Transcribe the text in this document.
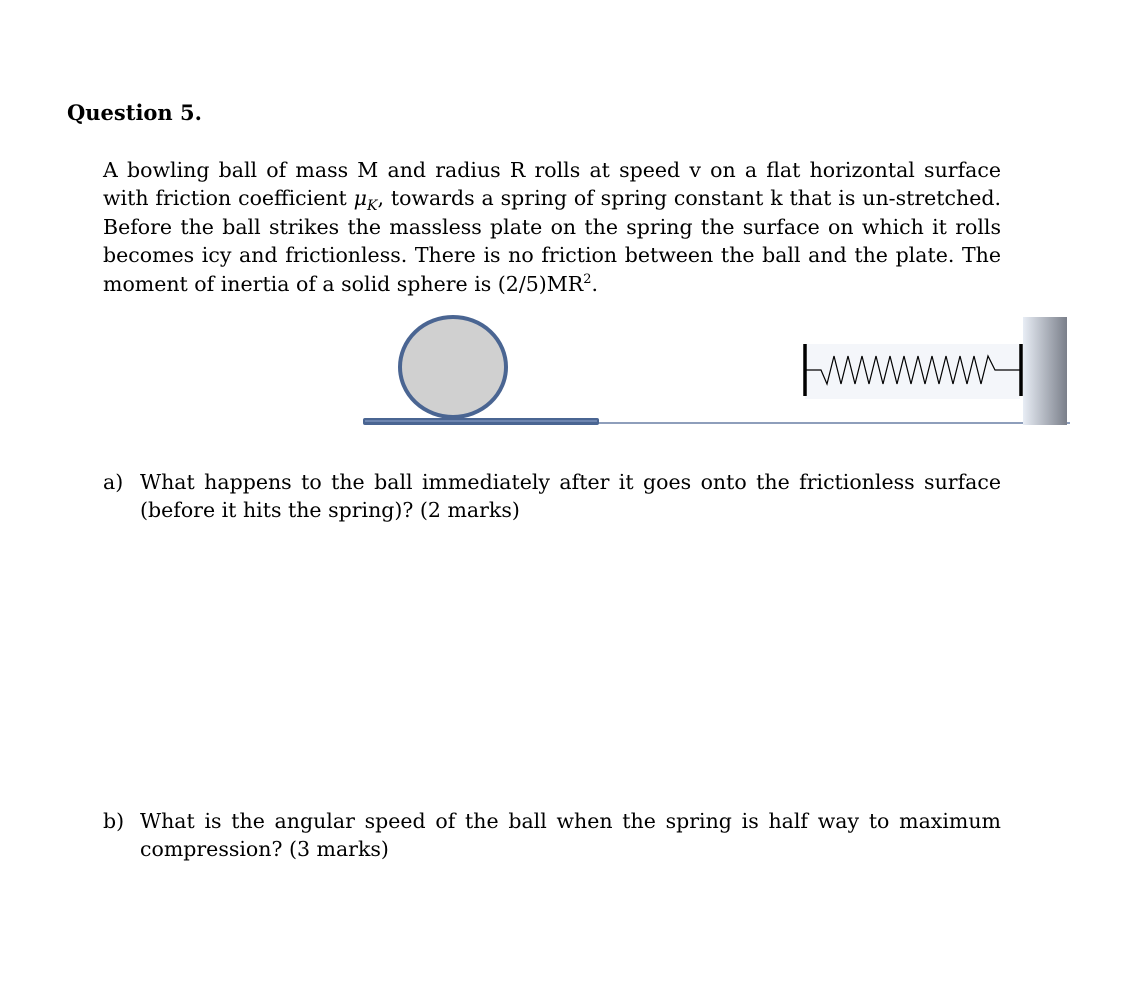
Question 5.

A bowling ball of mass M and radius R rolls at speed v on a flat horizontal surface with friction coefficient $\mu_K$, towards a spring of spring constant k that is un-stretched. Before the ball strikes the massless plate on the spring the surface on which it rolls becomes icy and frictionless. There is no friction between the ball and the plate. The moment of inertia of a solid sphere is $(2/5)MR^2$.

a) What happens to the ball immediately after it goes onto the frictionless surface (before it hits the spring)? (2 marks)

b) What is the angular speed of the ball when the spring is half way to maximum compression? (3 marks)
